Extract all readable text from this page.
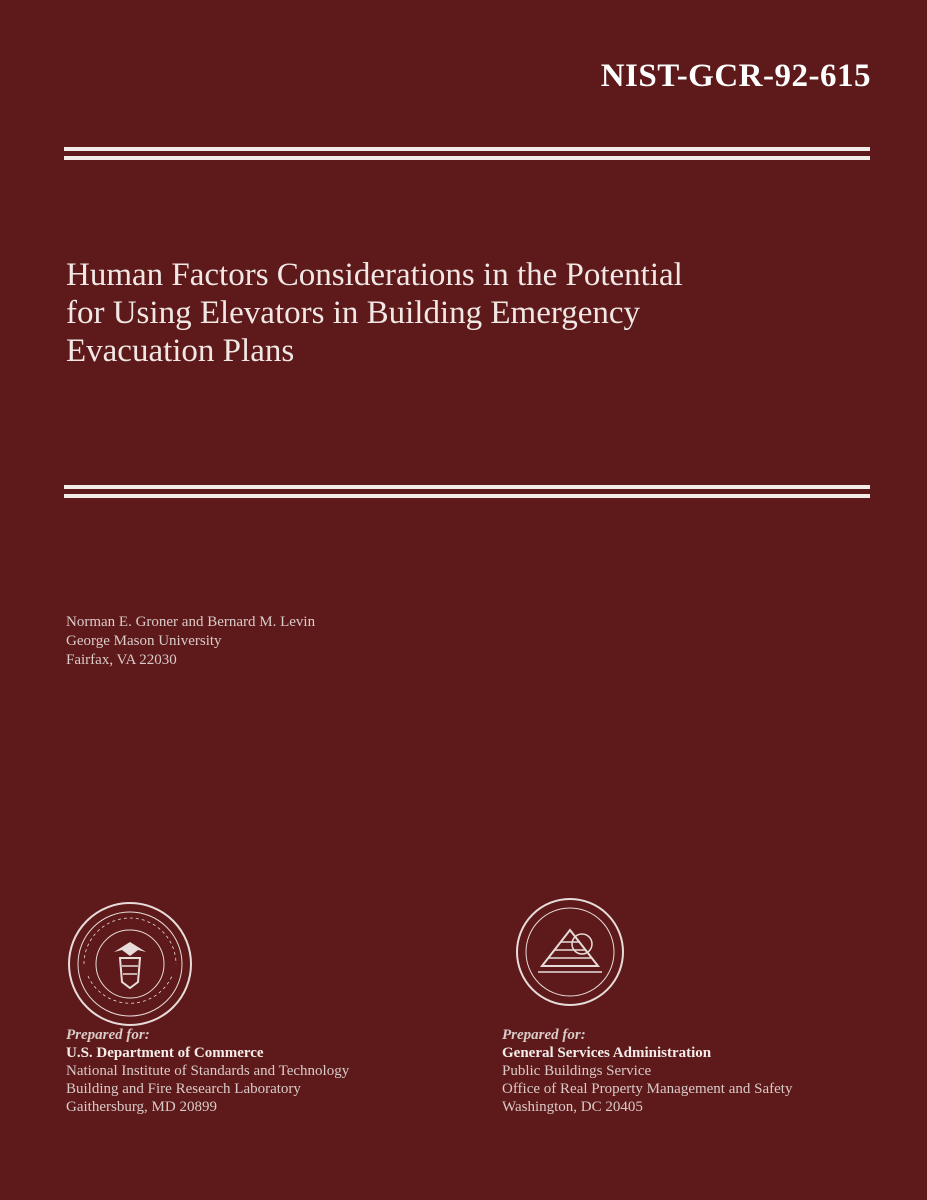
NIST-GCR-92-615
Human Factors Considerations in the Potential
for Using Elevators in Building Emergency
Evacuation Plans
Norman E. Groner and Bernard M. Levin
George Mason University
Fairfax, VA 22030
Prepared for:
U.S. Department of Commerce
National Institute of Standards and Technology
Building and Fire Research Laboratory
Gaithersburg, MD 20899
Prepared for:
General Services Administration
Public Buildings Service
Office of Real Property Management and Safety
Washington, DC 20405
